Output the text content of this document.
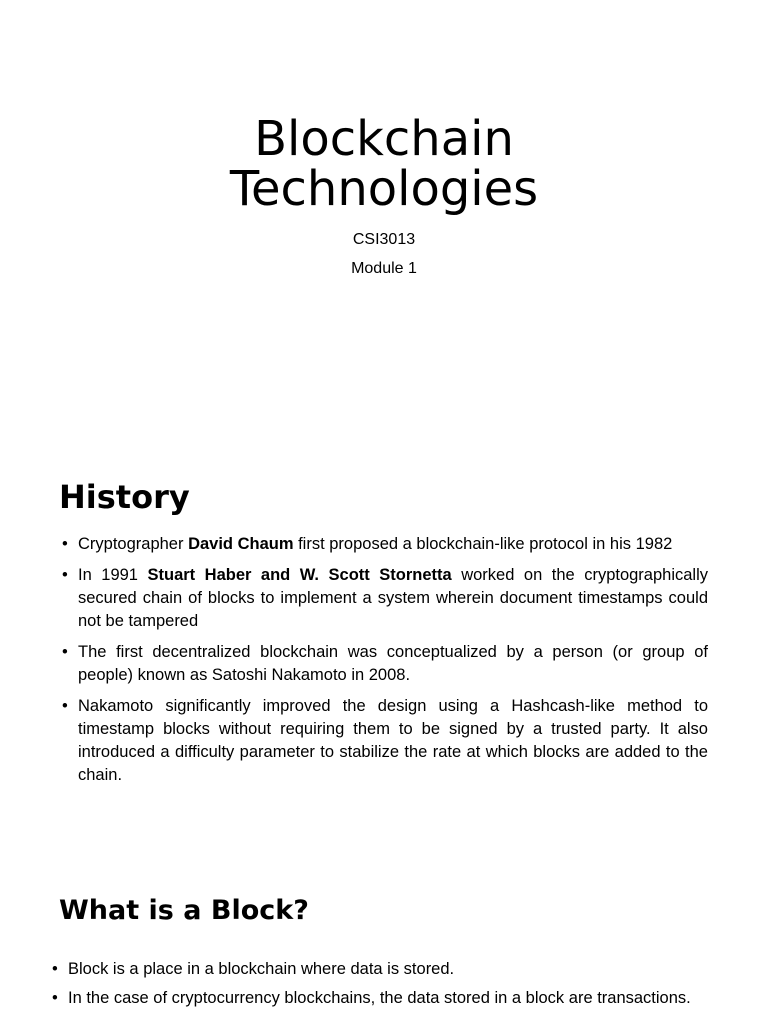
Blockchain
Technologies

CSI3013

Module 1

History
• Cryptographer David Chaum first proposed a blockchain-like protocol in his 1982
• In 1991 Stuart Haber and W. Scott Stornetta worked on the cryptographically secured chain of blocks to implement a system wherein document timestamps could not be tampered
• The first decentralized blockchain was conceptualized by a person (or group of people) known as Satoshi Nakamoto in 2008.
• Nakamoto significantly improved the design using a Hashcash-like method to timestamp blocks without requiring them to be signed by a trusted party. It also introduced a difficulty parameter to stabilize the rate at which blocks are added to the chain.
What is a Block?
• Block is a place in a blockchain where data is stored.
• In the case of cryptocurrency blockchains, the data stored in a block are transactions.
